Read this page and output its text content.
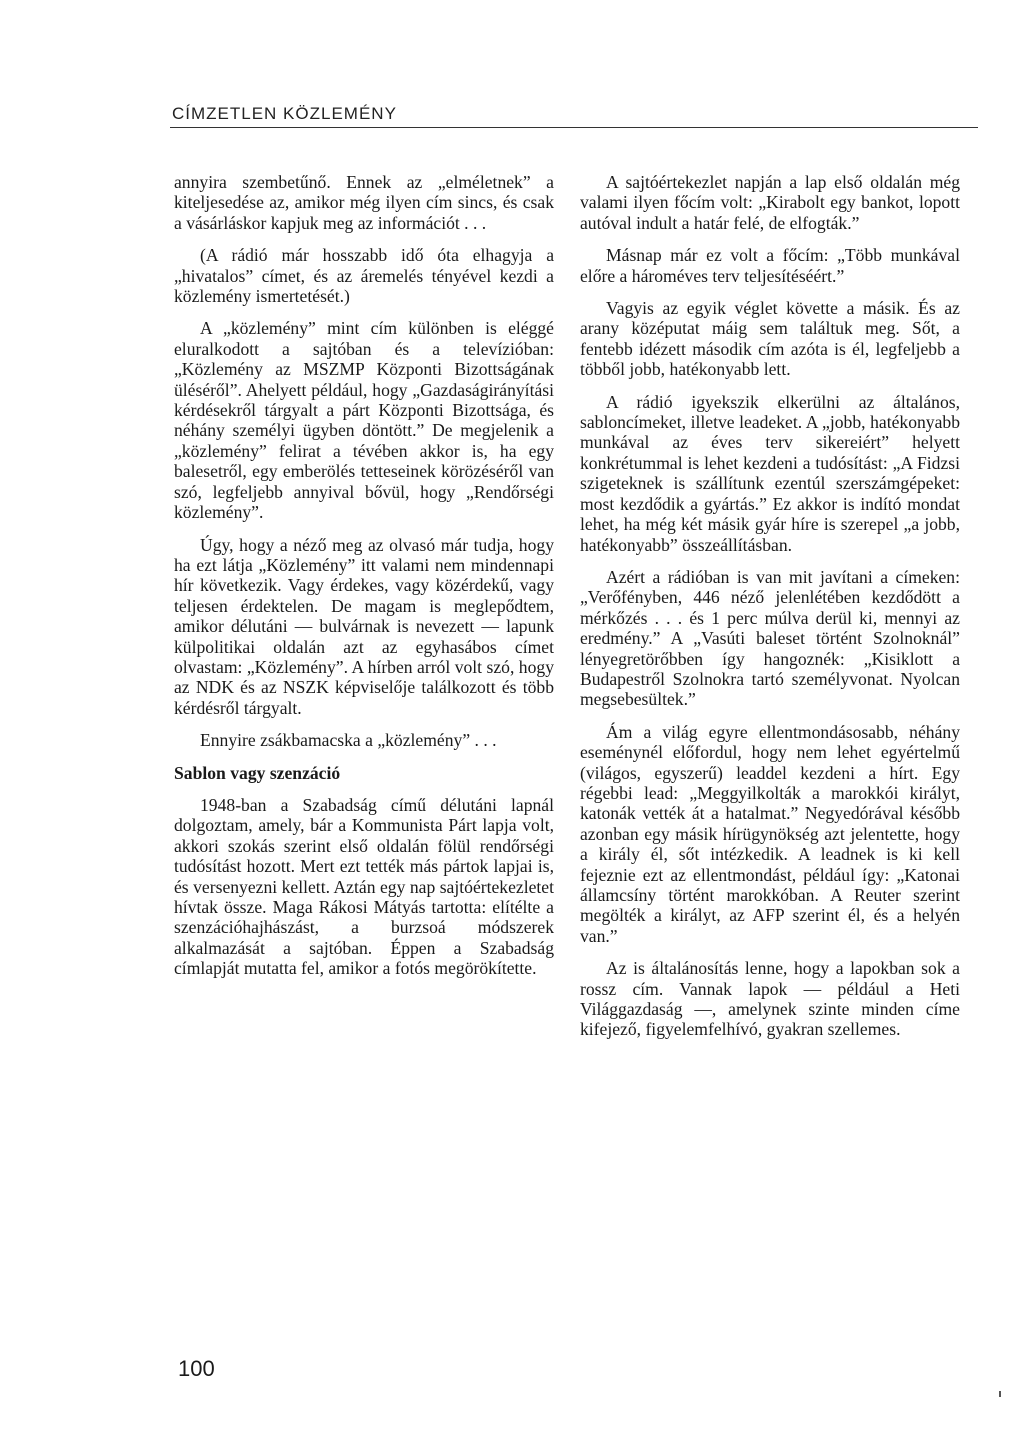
CÍMZETLEN KÖZLEMÉNY

annyira szembetűnő. Ennek az „elméletnek” a kiteljesedése az, amikor még ilyen cím sincs, és csak a vásárláskor kapjuk meg az információt . . .

(A rádió már hosszabb idő óta elhagyja a „hivatalos” címet, és az áremelés tényével kezdi a közlemény ismertetését.)

A „közlemény” mint cím különben is eléggé eluralkodott a sajtóban és a televízióban: „Közlemény az MSZMP Központi Bizottságának üléséről”. Ahelyett például, hogy „Gazdaságirányítási kérdésekről tárgyalt a párt Központi Bizottsága, és néhány személyi ügyben döntött.” De megjelenik a „közlemény” felirat a tévében akkor is, ha egy balesetről, egy emberölés tetteseinek körözéséről van szó, legfeljebb annyival bővül, hogy „Rendőrségi közlemény”.

Úgy, hogy a néző meg az olvasó már tudja, hogy ha ezt látja „Közlemény” itt valami nem mindennapi hír következik. Vagy érdekes, vagy közérdekű, vagy teljesen érdektelen. De magam is meglepődtem, amikor délutáni — bulvárnak is nevezett — lapunk külpolitikai oldalán azt az egyhasábos címet olvastam: „Közlemény”. A hírben arról volt szó, hogy az NDK és az NSZK képviselője találkozott és több kérdésről tárgyalt.

Ennyire zsákbamacska a „közlemény” . . .

Sablon vagy szenzáció

1948-ban a Szabadság című délutáni lapnál dolgoztam, amely, bár a Kommunista Párt lapja volt, akkori szokás szerint első oldalán fölül rendőrségi tudósítást hozott. Mert ezt tették más pártok lapjai is, és versenyezni kellett. Aztán egy nap sajtóértekezletet hívtak össze. Maga Rákosi Mátyás tartotta: elítélte a szenzációhajhászást, a burzsoá módszerek alkalmazását a sajtóban. Éppen a Szabadság címlapját mutatta fel, amikor a fotós megörökítette.

A sajtóértekezlet napján a lap első oldalán még valami ilyen főcím volt: „Kirabolt egy bankot, lopott autóval indult a határ felé, de elfogták.”

Másnap már ez volt a főcím: „Több munkával előre a hároméves terv teljesítéséért.”

Vagyis az egyik véglet követte a másik. És az arany középutat máig sem találtuk meg. Sőt, a fentebb idézett második cím azóta is él, legfeljebb a többől jobb, hatékonyabb lett.

A rádió igyekszik elkerülni az általános, sabloncímeket, illetve leadeket. A „jobb, hatékonyabb munkával az éves terv sikereiért” helyett konkrétummal is lehet kezdeni a tudósítást: „A Fidzsi szigeteknek is szállítunk ezentúl szerszámgépeket: most kezdődik a gyártás.” Ez akkor is indító mondat lehet, ha még két másik gyár híre is szerepel „a jobb, hatékonyabb” összeállításban.

Azért a rádióban is van mit javítani a címeken: „Verőfényben, 446 néző jelenlétében kezdődött a mérkőzés . . . és 1 perc múlva derül ki, mennyi az eredmény.” A „Vasúti baleset történt Szolnoknál” lényegretörőbben így hangoznék: „Kisiklott a Budapestről Szolnokra tartó személyvonat. Nyolcan megsebesültek.”

Ám a világ egyre ellentmondásosabb, néhány eseménynél előfordul, hogy nem lehet egyértelmű (világos, egyszerű) leaddel kezdeni a hírt. Egy régebbi lead: „Meggyilkolták a marokkói királyt, katonák vették át a hatalmat.” Negyedórával később azonban egy másik hírügynökség azt jelentette, hogy a király él, sőt intézkedik. A leadnek is ki kell fejeznie ezt az ellentmondást, például így: „Katonai államcsíny történt marokkóban. A Reuter szerint megölték a királyt, az AFP szerint él, és a helyén van.”

Az is általánosítás lenne, hogy a lapokban sok a rossz cím. Vannak lapok — például a Heti Világgazdaság —, amelynek szinte minden címe kifejező, figyelemfelhívó, gyakran szellemes.

100
